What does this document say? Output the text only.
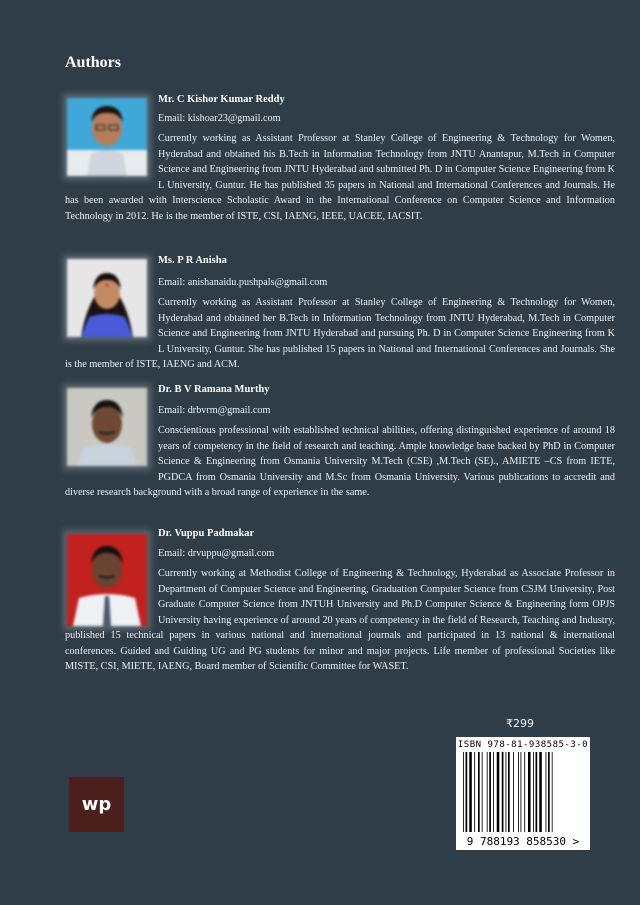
Authors
Mr. C Kishor Kumar Reddy
Email: kishoar23@gmail.com
Currently working as Assistant Professor at Stanley College of Engineering & Technology for Women, Hyderabad and obtained his B.Tech in Information Technology from JNTU Anantapur, M.Tech in Computer Science and Engineering from JNTU Hyderabad and submitted Ph. D in Computer Science Engineering from K L University, Guntur. He has published 35 papers in National and International Conferences and Journals. He has been awarded with Interscience Scholastic Award in the International Conference on Computer Science and Information Technology in 2012. He is the member of ISTE, CSI, IAENG, IEEE, UACEE, IACSIT.
Ms. P R Anisha
Email: anishanaidu.pushpals@gmail.com
Currently working as Assistant Professor at Stanley College of Engineering & Technology for Women, Hyderabad and obtained her B.Tech in Information Technology from JNTU Hyderabad, M.Tech in Computer Science and Engineering from JNTU Hyderabad and pursuing Ph. D in Computer Science Engineering from K L University, Guntur. She has published 15 papers in National and International Conferences and Journals. She is the member of ISTE, IAENG and ACM.
Dr. B V Ramana Murthy
Email: drbvrm@gmail.com
Conscientious professional with established technical abilities, offering distinguished experience of around 18 years of competency in the field of research and teaching. Ample knowledge base backed by PhD in Computer Science & Engineering from Osmania University M.Tech (CSE) ,M.Tech (SE)., AMIETE –CS from IETE, PGDCA from Osmania University and M.Sc from Osmania University. Various publications to accredit and diverse research background with a broad range of experience in the same.
Dr. Vuppu Padmakar
Email: drvuppu@gmail.com
Currently working at Methodist College of Engineering & Technology, Hyderabad as Associate Professor in Department of Computer Science and Engineering, Graduation Computer Science from CSJM University, Post Graduate Computer Science from JNTUH University and Ph.D Computer Science & Engineering form OPJS University having experience of around 20 years of competency in the field of Research, Teaching and Industry, published 15 technical papers in various national and international journals and participated in 13 national & international conferences. Guided and Guiding UG and PG students for minor and major projects. Life member of professional Societies like MISTE, CSI, MIETE, IAENG, Board member of Scientific Committee for WASET.
₹299
ISBN 978-81-938585-3-0
9 788193 858530 >
wp
